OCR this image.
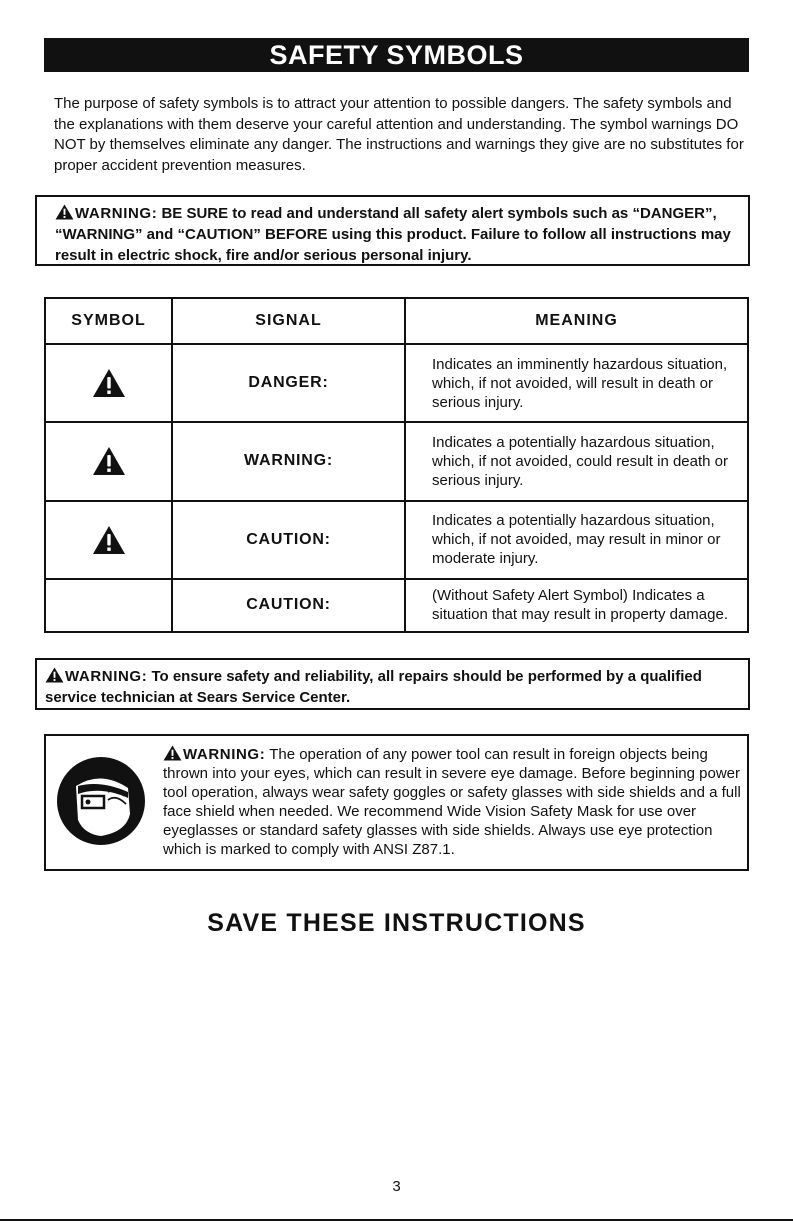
SAFETY SYMBOLS

The purpose of safety symbols is to attract your attention to possible dangers. The safety symbols and the explanations with them deserve your careful attention and understanding. The symbol warnings DO NOT by themselves eliminate any danger. The instructions and warnings they give are no substitutes for proper accident prevention measures.

WARNING: BE SURE to read and understand all safety alert symbols such as “DANGER”, “WARNING” and “CAUTION” BEFORE using this product. Failure to follow all instructions may result in electric shock, fire and/or serious personal injury.
SYMBOL	SIGNAL	MEANING

	DANGER:	Indicates an imminently hazardous situation, which, if not avoided, will result in death or serious injury.

	WARNING:	Indicates a potentially hazardous situation, which, if not avoided, could result in death or serious injury.

	CAUTION:	Indicates a potentially hazardous situation, which, if not avoided, may result in minor or moderate injury.
	CAUTION:	(Without Safety Alert Symbol) Indicates a situation that may result in property damage.
WARNING: To ensure safety and reliability, all repairs should be performed by a qualified service technician at Sears Service Center.
WARNING: The operation of any power tool can result in foreign objects being thrown into your eyes, which can result in severe eye damage. Before beginning power tool operation, always wear safety goggles or safety glasses with side shields and a full face shield when needed. We recommend Wide Vision Safety Mask for use over eyeglasses or standard safety glasses with side shields. Always use eye protection which is marked to comply with ANSI Z87.1.
SAVE THESE INSTRUCTIONS
3
